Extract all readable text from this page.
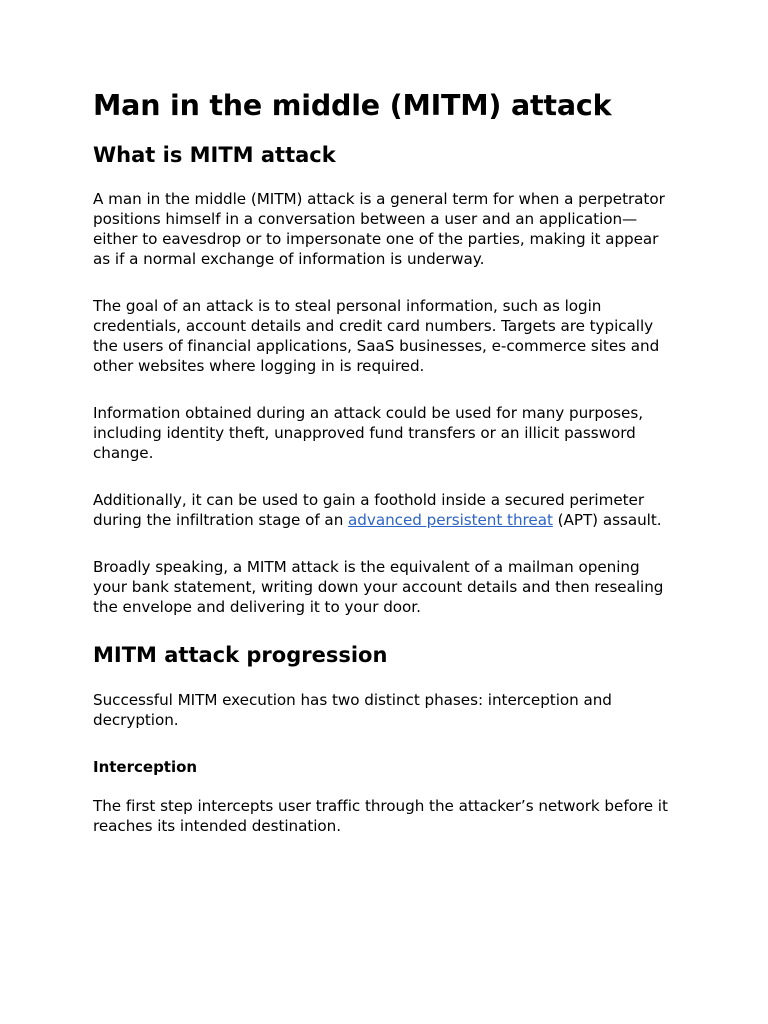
Man in the middle (MITM) attack
What is MITM attack

A man in the middle (MITM) attack is a general term for when a perpetrator positions himself in a conversation between a user and an application—either to eavesdrop or to impersonate one of the parties, making it appear as if a normal exchange of information is underway.

The goal of an attack is to steal personal information, such as login credentials, account details and credit card numbers. Targets are typically the users of financial applications, SaaS businesses, e-commerce sites and other websites where logging in is required.

Information obtained during an attack could be used for many purposes, including identity theft, unapproved fund transfers or an illicit password change.

Additionally, it can be used to gain a foothold inside a secured perimeter during the infiltration stage of an advanced persistent threat (APT) assault.

Broadly speaking, a MITM attack is the equivalent of a mailman opening your bank statement, writing down your account details and then resealing the envelope and delivering it to your door.

MITM attack progression

Successful MITM execution has two distinct phases: interception and decryption.

Interception

The first step intercepts user traffic through the attacker’s network before it reaches its intended destination.
